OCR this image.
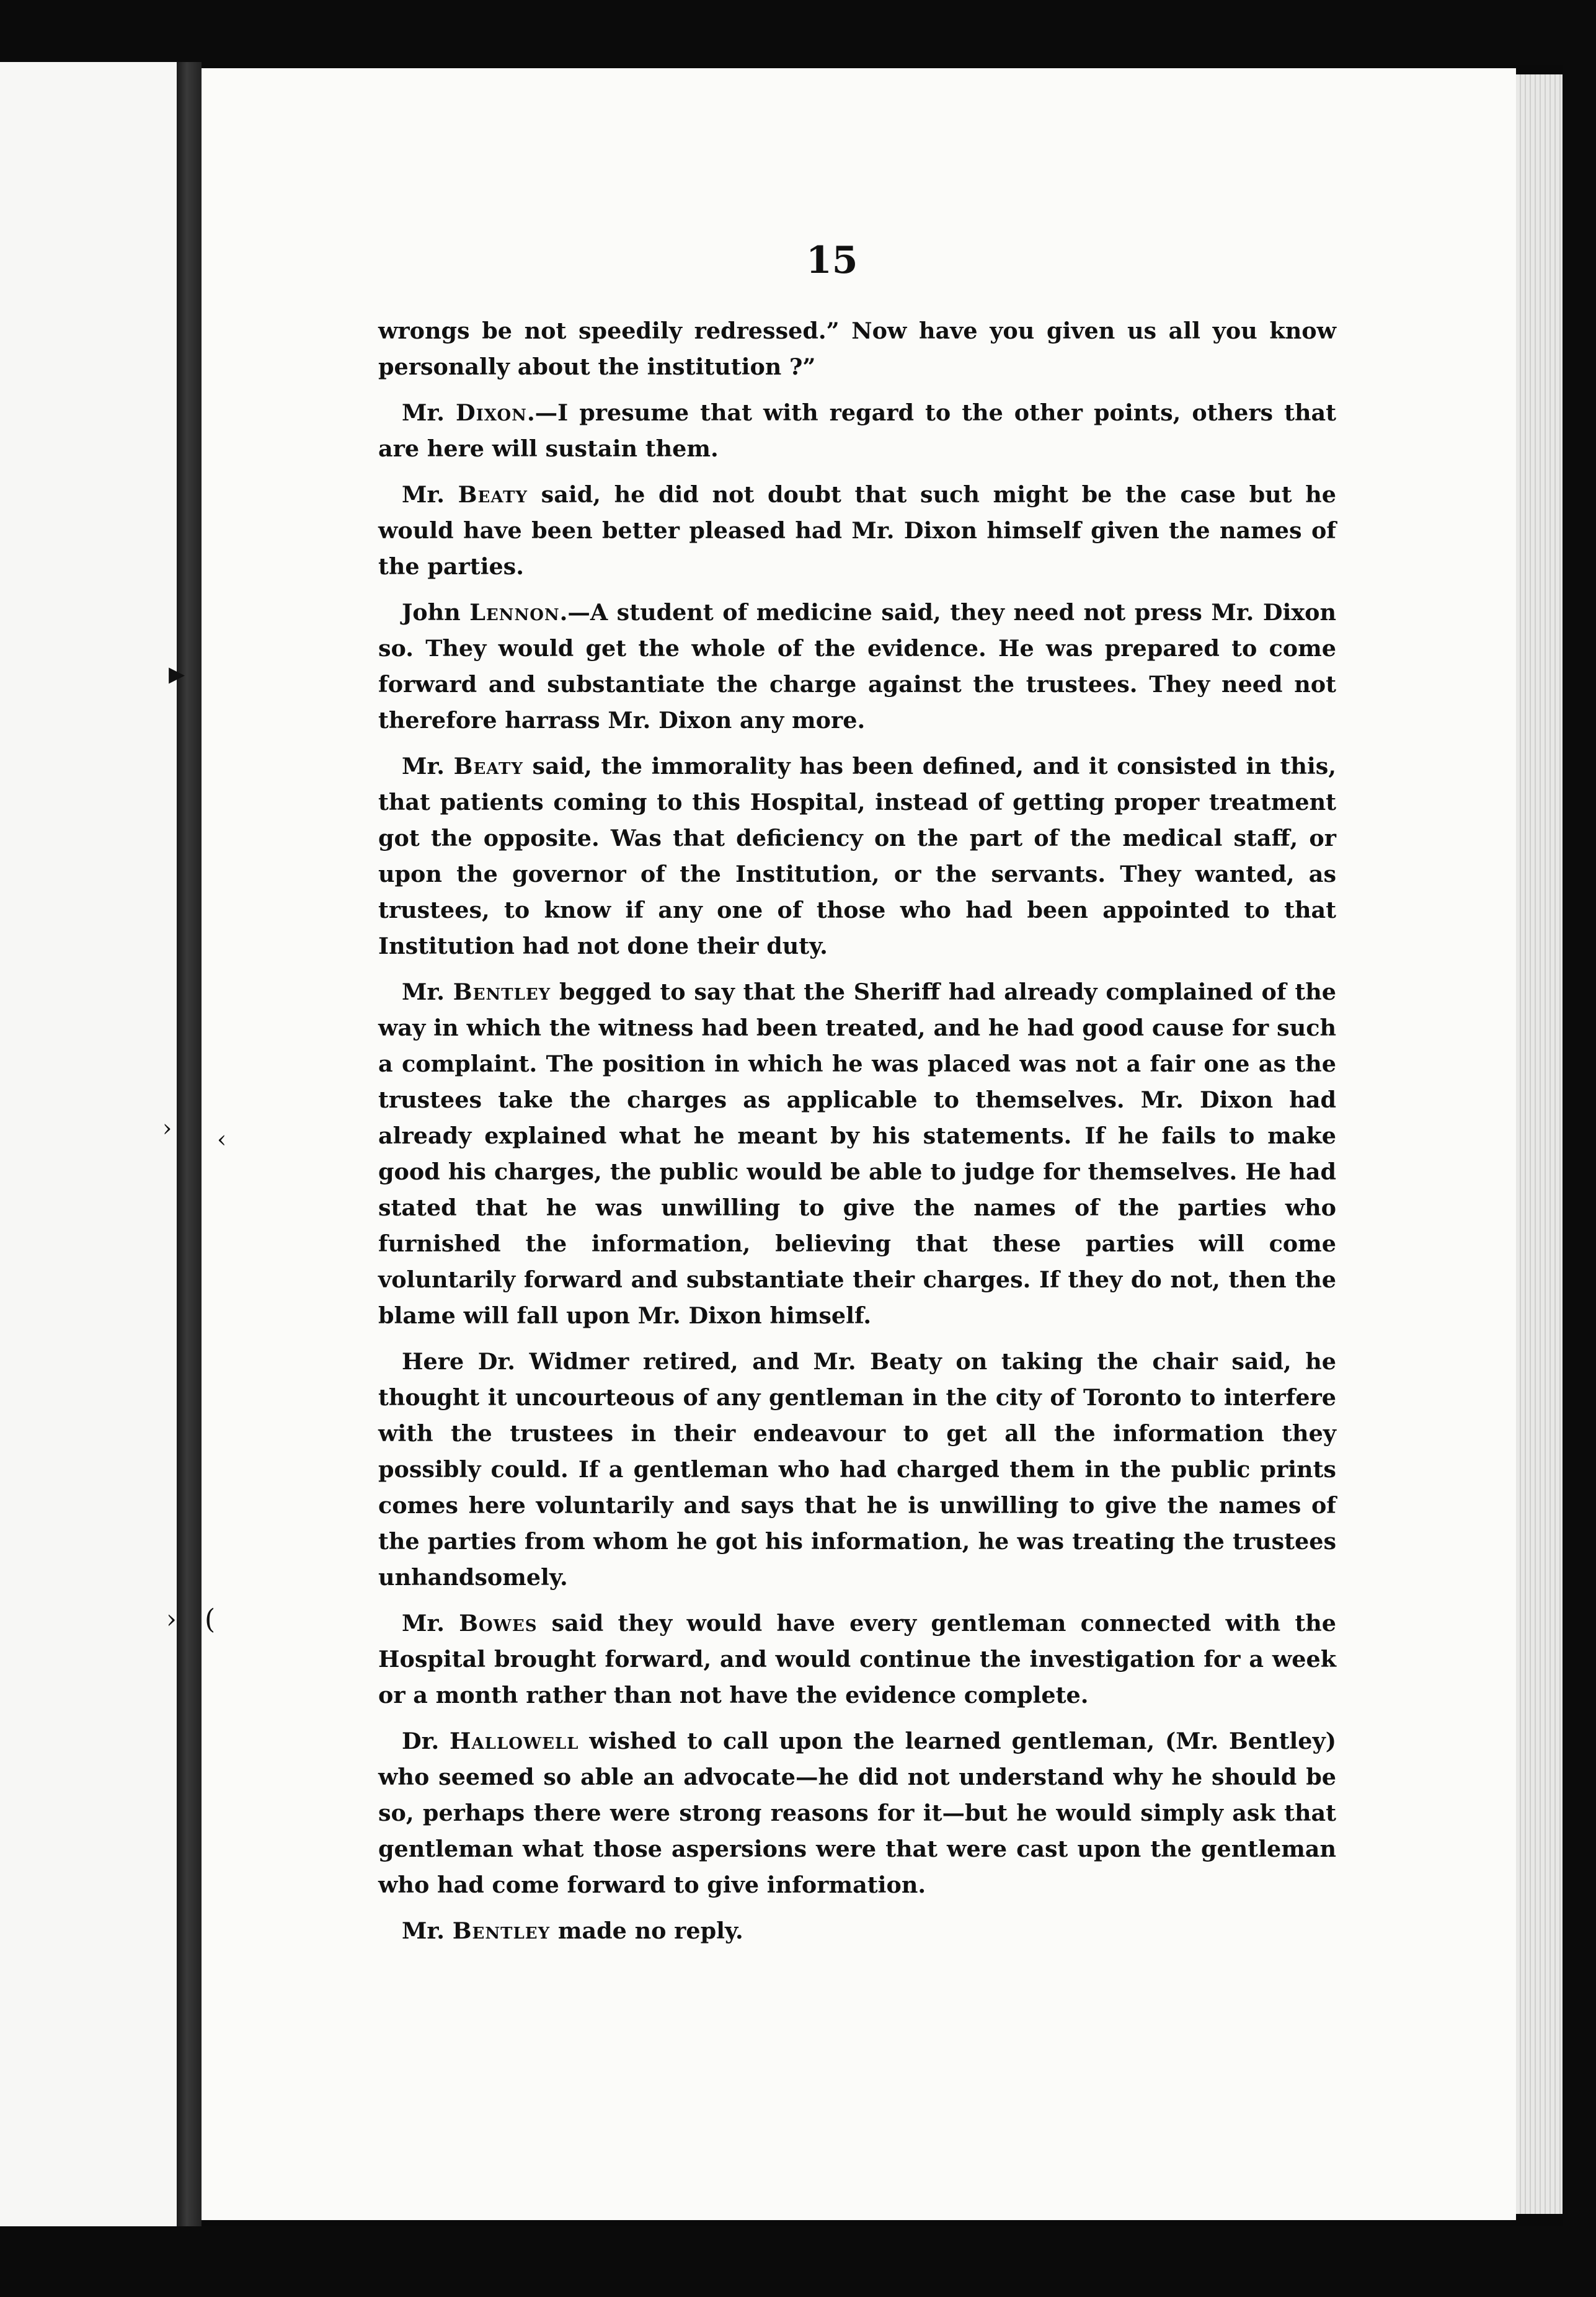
▸
› ‹
› (
15

wrongs be not speedily redressed.” Now have you given us all you know personally about the institution ?”

Mr. Dixon.—I presume that with regard to the other points, others that are here will sustain them.

Mr. Beaty said, he did not doubt that such might be the case but he would have been better pleased had Mr. Dixon himself given the names of the parties.

John Lennon.—A student of medicine said, they need not press Mr. Dixon so. They would get the whole of the evidence. He was prepared to come forward and substantiate the charge against the trustees. They need not therefore harrass Mr. Dixon any more.

Mr. Beaty said, the immorality has been defined, and it consisted in this, that patients coming to this Hospital, instead of getting proper treatment got the opposite. Was that deficiency on the part of the medical staff, or upon the governor of the Institution, or the servants. They wanted, as trustees, to know if any one of those who had been appointed to that Institution had not done their duty.

Mr. Bentley begged to say that the Sheriff had already complained of the way in which the witness had been treated, and he had good cause for such a complaint. The position in which he was placed was not a fair one as the trustees take the charges as applicable to themselves. Mr. Dixon had already explained what he meant by his statements. If he fails to make good his charges, the public would be able to judge for themselves. He had stated that he was unwilling to give the names of the parties who furnished the information, believing that these parties will come voluntarily forward and substantiate their charges. If they do not, then the blame will fall upon Mr. Dixon himself.

Here Dr. Widmer retired, and Mr. Beaty on taking the chair said, he thought it uncourteous of any gentleman in the city of Toronto to interfere with the trustees in their endeavour to get all the information they possibly could. If a gentleman who had charged them in the public prints comes here voluntarily and says that he is unwilling to give the names of the parties from whom he got his information, he was treating the trustees unhandsomely.

Mr. Bowes said they would have every gentleman connected with the Hospital brought forward, and would continue the investigation for a week or a month rather than not have the evidence complete.

Dr. Hallowell wished to call upon the learned gentleman, (Mr. Bentley) who seemed so able an advocate—he did not understand why he should be so, perhaps there were strong reasons for it—but he would simply ask that gentleman what those aspersions were that were cast upon the gentleman who had come forward to give information.

Mr. Bentley made no reply.
